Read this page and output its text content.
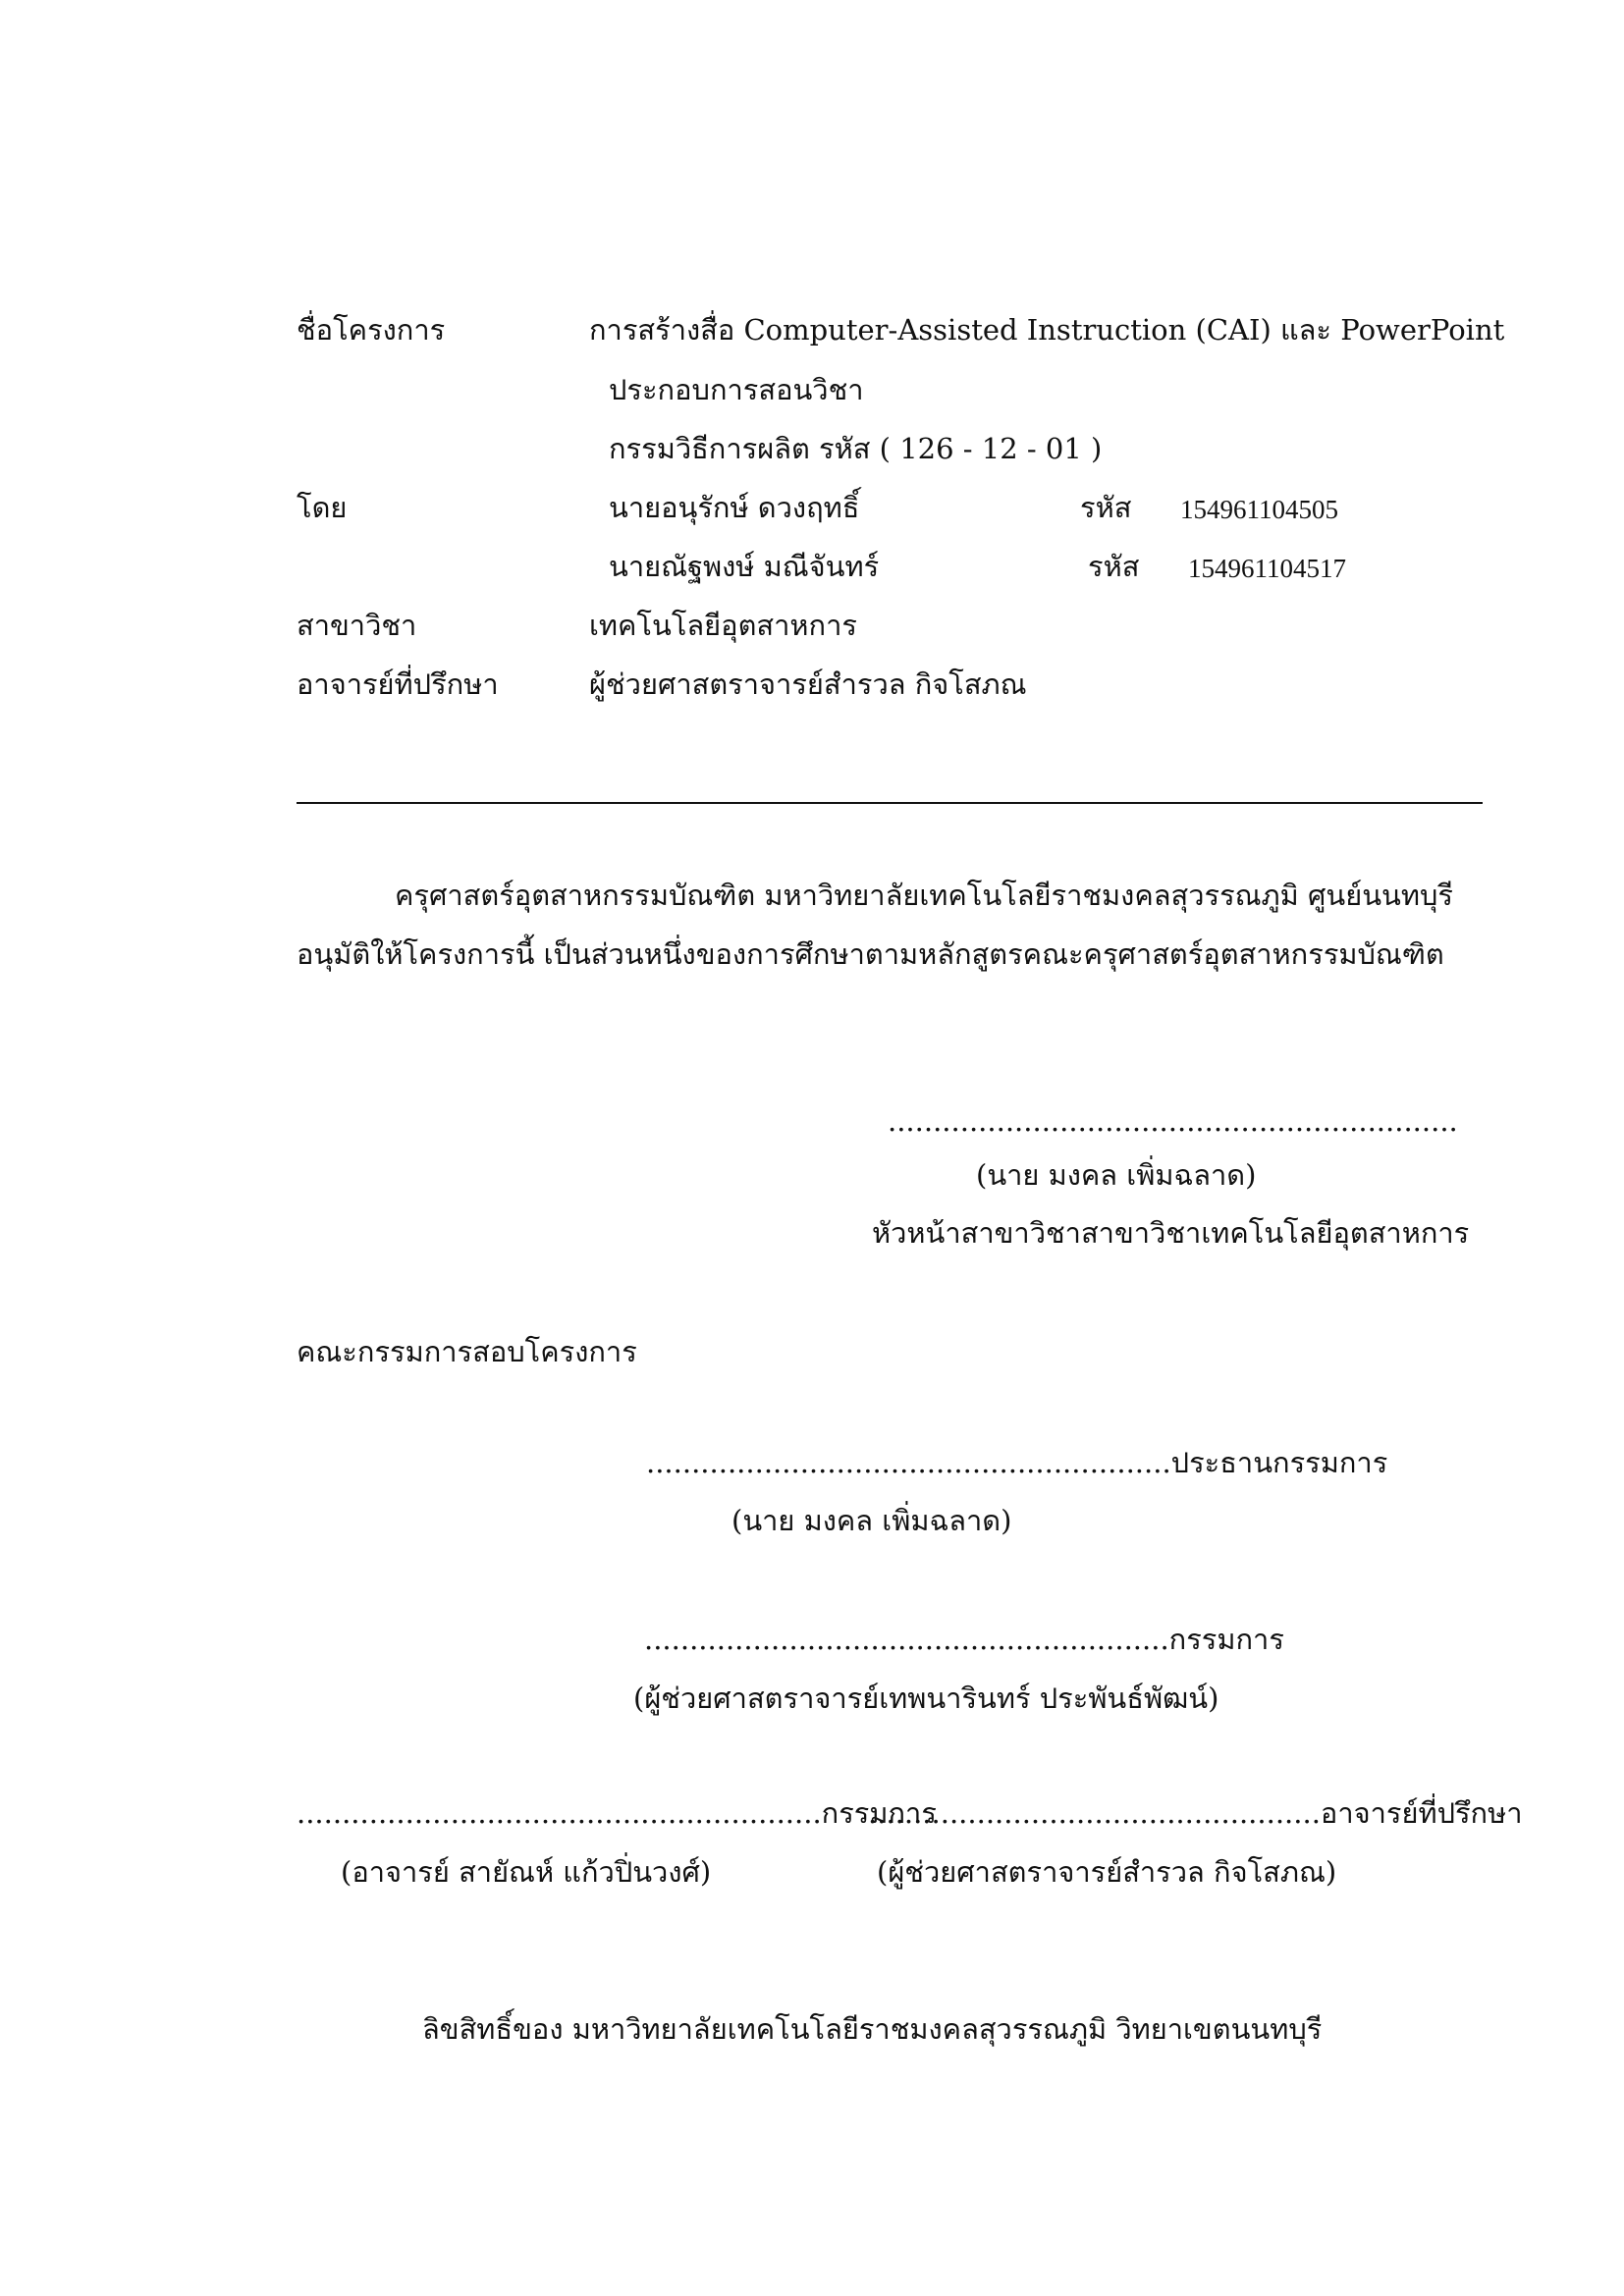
ชื่อโครงการ	การสร้างสื่อ Computer-Assisted Instruction (CAI) และ PowerPoint
ประกอบการสอนวิชา
กรรมวิธีการผลิต รหัส ( 126 - 12 - 01 )
โดย	นายอนุรักษ์ ดวงฤทธิ์	รหัส 154961104505
นายณัฐพงษ์ มณีจันทร์	รหัส 154961104517
สาขาวิชา	เทคโนโลยีอุตสาหการ
อาจารย์ที่ปรึกษา	ผู้ช่วยศาสตราจารย์สำรวล กิจโสภณ
ครุศาสตร์อุตสาหกรรมบัณฑิต มหาวิทยาลัยเทคโนโลยีราชมงคลสุวรรณภูมิ ศูนย์นนทบุรี
อนุมัติให้โครงการนี้ เป็นส่วนหนึ่งของการศึกษาตามหลักสูตรคณะครุศาสตร์อุตสาหกรรมบัณฑิต
...............................................................
(นาย มงคล เพิ่มฉลาด)
หัวหน้าสาขาวิชาสาขาวิชาเทคโนโลยีอุตสาหการ
คณะกรรมการสอบโครงการ
..........................................................ประธานกรรมการ
(นาย มงคล เพิ่มฉลาด)
..........................................................กรรมการ
(ผู้ช่วยศาสตราจารย์เทพนารินทร์ ประพันธ์พัฒน์)
..........................................................กรรมการ
(อาจารย์ สายัณห์ แก้วปิ่นวงศ์)
..................................................อาจารย์ที่ปรึกษา
(ผู้ช่วยศาสตราจารย์สำรวล กิจโสภณ)
ลิขสิทธิ์ของ มหาวิทยาลัยเทคโนโลยีราชมงคลสุวรรณภูมิ วิทยาเขตนนทบุรี
